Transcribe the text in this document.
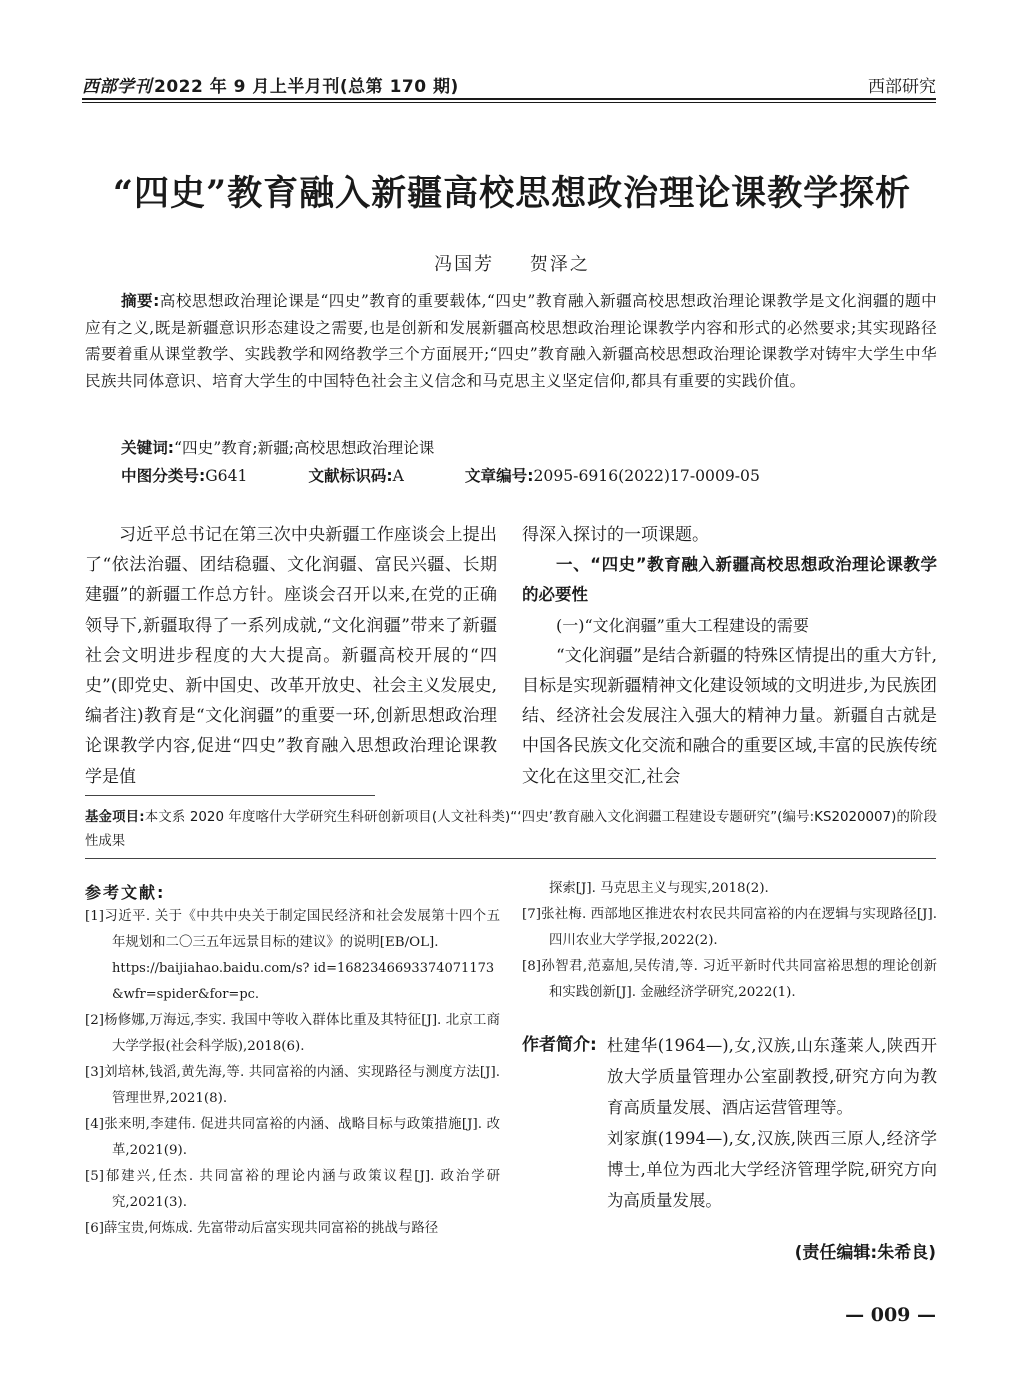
西部学刊 2022 年 9 月上半月刊(总第 170 期)	西部研究
“四史”教育融入新疆高校思想政治理论课教学探析
冯国芳 贺泽之
摘要:高校思想政治理论课是“四史”教育的重要载体,“四史”教育融入新疆高校思想政治理论课教学是文化润疆的题中应有之义,既是新疆意识形态建设之需要,也是创新和发展新疆高校思想政治理论课教学内容和形式的必然要求;其实现路径需要着重从课堂教学、实践教学和网络教学三个方面展开;“四史”教育融入新疆高校思想政治理论课教学对铸牢大学生中华民族共同体意识、培育大学生的中国特色社会主义信念和马克思主义坚定信仰,都具有重要的实践价值。
关键词:“四史”教育;新疆;高校思想政治理论课
中图分类号:G641	文献标识码:A	文章编号:2095-6916(2022)17-0009-05
习近平总书记在第三次中央新疆工作座谈会上提出了“依法治疆、团结稳疆、文化润疆、富民兴疆、长期建疆”的新疆工作总方针。座谈会召开以来,在党的正确领导下,新疆取得了一系列成就,“文化润疆”带来了新疆社会文明进步程度的大大提高。新疆高校开展的“四史”(即党史、新中国史、改革开放史、社会主义发展史,编者注)教育是“文化润疆”的重要一环,创新思想政治理论课教学内容,促进“四史”教育融入思想政治理论课教学是值

得深入探讨的一项课题。

一、“四史”教育融入新疆高校思想政治理论课教学的必要性

(一)“文化润疆”重大工程建设的需要

“文化润疆”是结合新疆的特殊区情提出的重大方针,目标是实现新疆精神文化建设领域的文明进步,为民族团结、经济社会发展注入强大的精神力量。新疆自古就是中国各民族文化交流和融合的重要区域,丰富的民族传统文化在这里交汇,社会

基金项目:本文系 2020 年度喀什大学研究生科研创新项目(人文社科类)“‘四史’教育融入文化润疆工程建设专题研究”(编号:KS2020007)的阶段性成果
参考文献:

[1]习近平. 关于《中共中央关于制定国民经济和社会发展第十四个五年规划和二〇三五年远景目标的建议》的说明[EB/OL].

https://baijiahao.baidu.com/s? id=1682346693374071173&wfr=spider&for=pc.

[2]杨修娜,万海远,李实. 我国中等收入群体比重及其特征[J]. 北京工商大学学报(社会科学版),2018(6).

[3]刘培林,钱滔,黄先海,等. 共同富裕的内涵、实现路径与测度方法[J]. 管理世界,2021(8).

[4]张来明,李建伟. 促进共同富裕的内涵、战略目标与政策措施[J]. 改革,2021(9).

[5]郁建兴,任杰. 共同富裕的理论内涵与政策议程[J]. 政治学研究,2021(3).

[6]薛宝贵,何炼成. 先富带动后富实现共同富裕的挑战与路径

探索[J]. 马克思主义与现实,2018(2).

[7]张社梅. 西部地区推进农村农民共同富裕的内在逻辑与实现路径[J]. 四川农业大学学报,2022(2).

[8]孙智君,范嘉旭,吴传清,等. 习近平新时代共同富裕思想的理论创新和实践创新[J]. 金融经济学研究,2022(1).

作者简介: 杜建华(1964—),女,汉族,山东蓬莱人,陕西开放大学质量管理办公室副教授,研究方向为教育高质量发展、酒店运营管理等。

刘家旗(1994—),女,汉族,陕西三原人,经济学博士,单位为西北大学经济管理学院,研究方向为高质量发展。

(责任编辑:朱希良)
— 009 —
